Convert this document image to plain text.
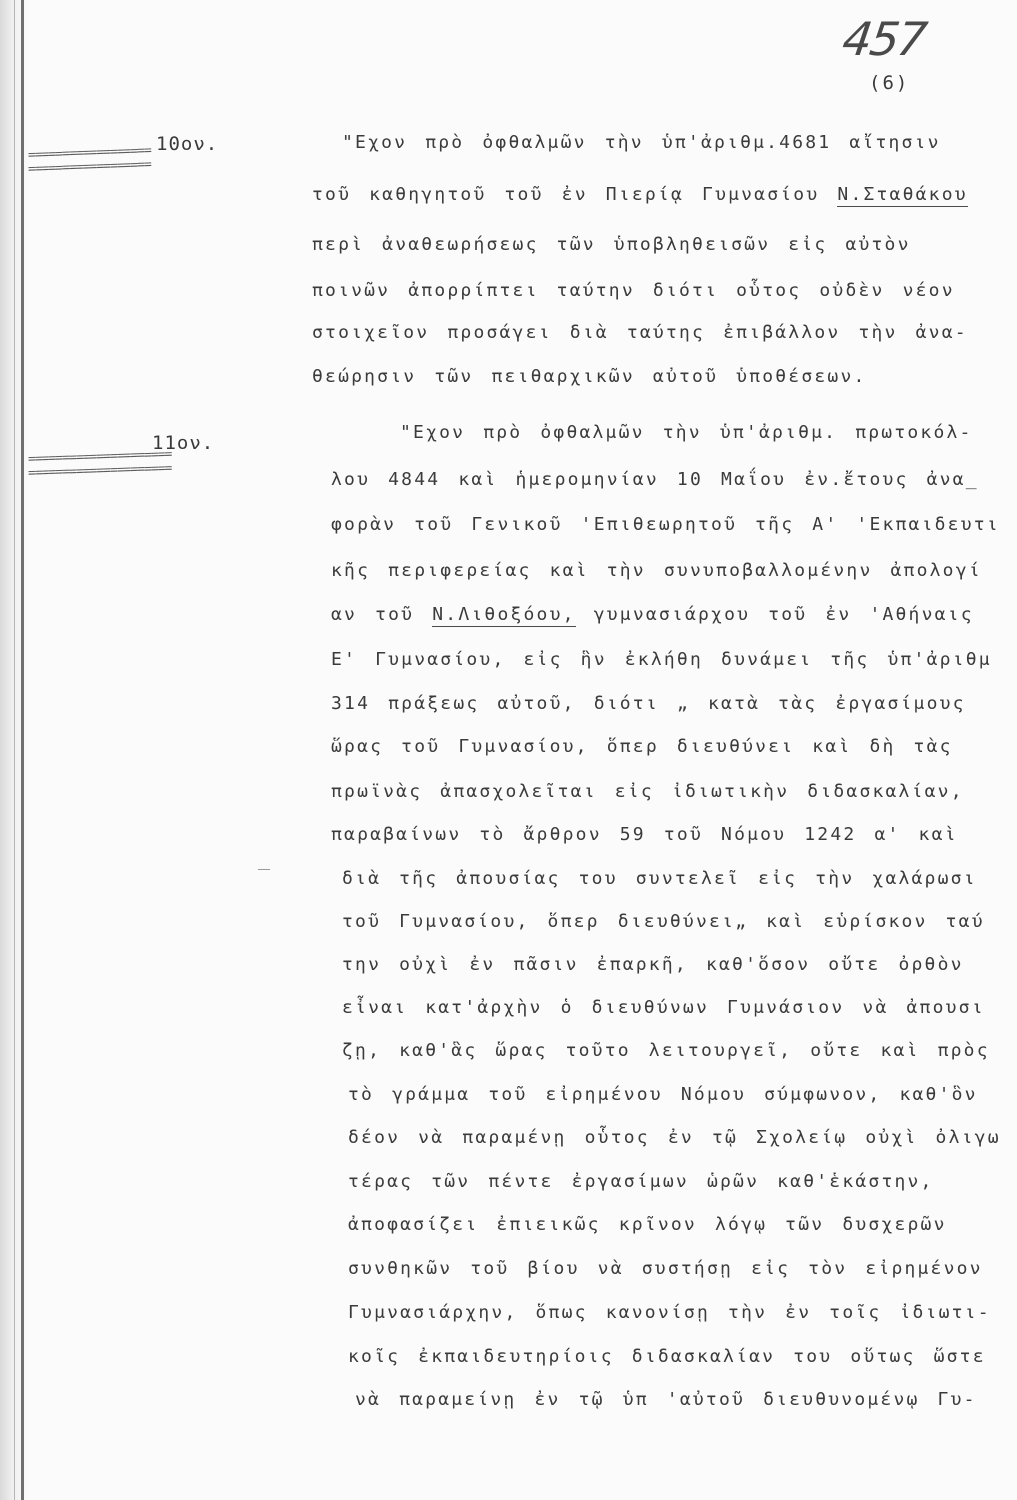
457
(6)
10ον.
==================
==================
"Εχον πρὸ ὀφθαλμῶν τὴν ὑπ'ἀριθμ.4681 αἴτησιν
τοῦ καθηγητοῦ τοῦ ἐν Πιερίᾳ Γυμνασίου Ν.Σταθάκου
περὶ ἀναθεωρήσεως τῶν ὑποβληθεισῶν εἰς αὐτὸν
ποινῶν ἀπορρίπτει ταύτην διότι οὗτος οὐδὲν νέον
στοιχεῖον προσάγει διὰ ταύτης ἐπιβάλλον τὴν ἀνα-
θεώρησιν τῶν πειθαρχικῶν αὐτοῦ ὑποθέσεων.
11ον.
=====================
=====================
"Εχον πρὸ ὀφθαλμῶν τὴν ὑπ'ἀριθμ. πρωτοκόλ-
λου 4844 καὶ ἡμερομηνίαν 10 Μαΐου ἐν.ἔτους ἀνα_
φορὰν τοῦ Γενικοῦ 'Επιθεωρητοῦ τῆς Α' 'Εκπαιδευτι
κῆς περιφερείας καὶ τὴν συνυποβαλλομένην ἀπολογί
αν τοῦ Ν.Λιθοξόου, γυμνασιάρχου τοῦ ἐν 'Αθήναις
Ε' Γυμνασίου, εἰς ἣν ἐκλήθη δυνάμει τῆς ὑπ'ἀριθμ
314 πράξεως αὐτοῦ, διότι „ κατὰ τὰς ἐργασίμους
ὥρας τοῦ Γυμνασίου, ὅπερ διευθύνει καὶ δὴ τὰς
πρωϊνὰς ἀπασχολεῖται εἰς ἰδιωτικὴν διδασκαλίαν,
παραβαίνων τὸ ἄρθρον 59 τοῦ Νόμου 1242 α' καὶ
διὰ τῆς ἀπουσίας του συντελεῖ εἰς τὴν χαλάρωσι
τοῦ Γυμνασίου, ὅπερ διευθύνει„ καὶ εὑρίσκον ταύ
την οὐχὶ ἐν πᾶσιν ἐπαρκῆ, καθ'ὅσον οὔτε ὀρθὸν
εἶναι κατ'ἀρχὴν ὁ διευθύνων Γυμνάσιον νὰ ἀπουσι
ζῃ, καθ'ἃς ὥρας τοῦτο λειτουργεῖ, οὔτε καὶ πρὸς
τὸ γράμμα τοῦ εἰρημένου Νόμου σύμφωνον, καθ'ὃν
δέον νὰ παραμένῃ οὗτος ἐν τῷ Σχολείῳ οὐχὶ ὀλιγω
τέρας τῶν πέντε ἐργασίμων ὡρῶν καθ'ἑκάστην,
ἀποφασίζει ἐπιεικῶς κρῖνον λόγῳ τῶν δυσχερῶν
συνθηκῶν τοῦ βίου νὰ συστήσῃ εἰς τὸν εἰρημένον
Γυμνασιάρχην, ὅπως κανονίσῃ τὴν ἐν τοῖς ἰδιωτι-
κοῖς ἐκπαιδευτηρίοις διδασκαλίαν του οὕτως ὥστε
νὰ παραμείνῃ ἐν τῷ ὑπ 'αὐτοῦ διευθυνομένῳ Γυ-
